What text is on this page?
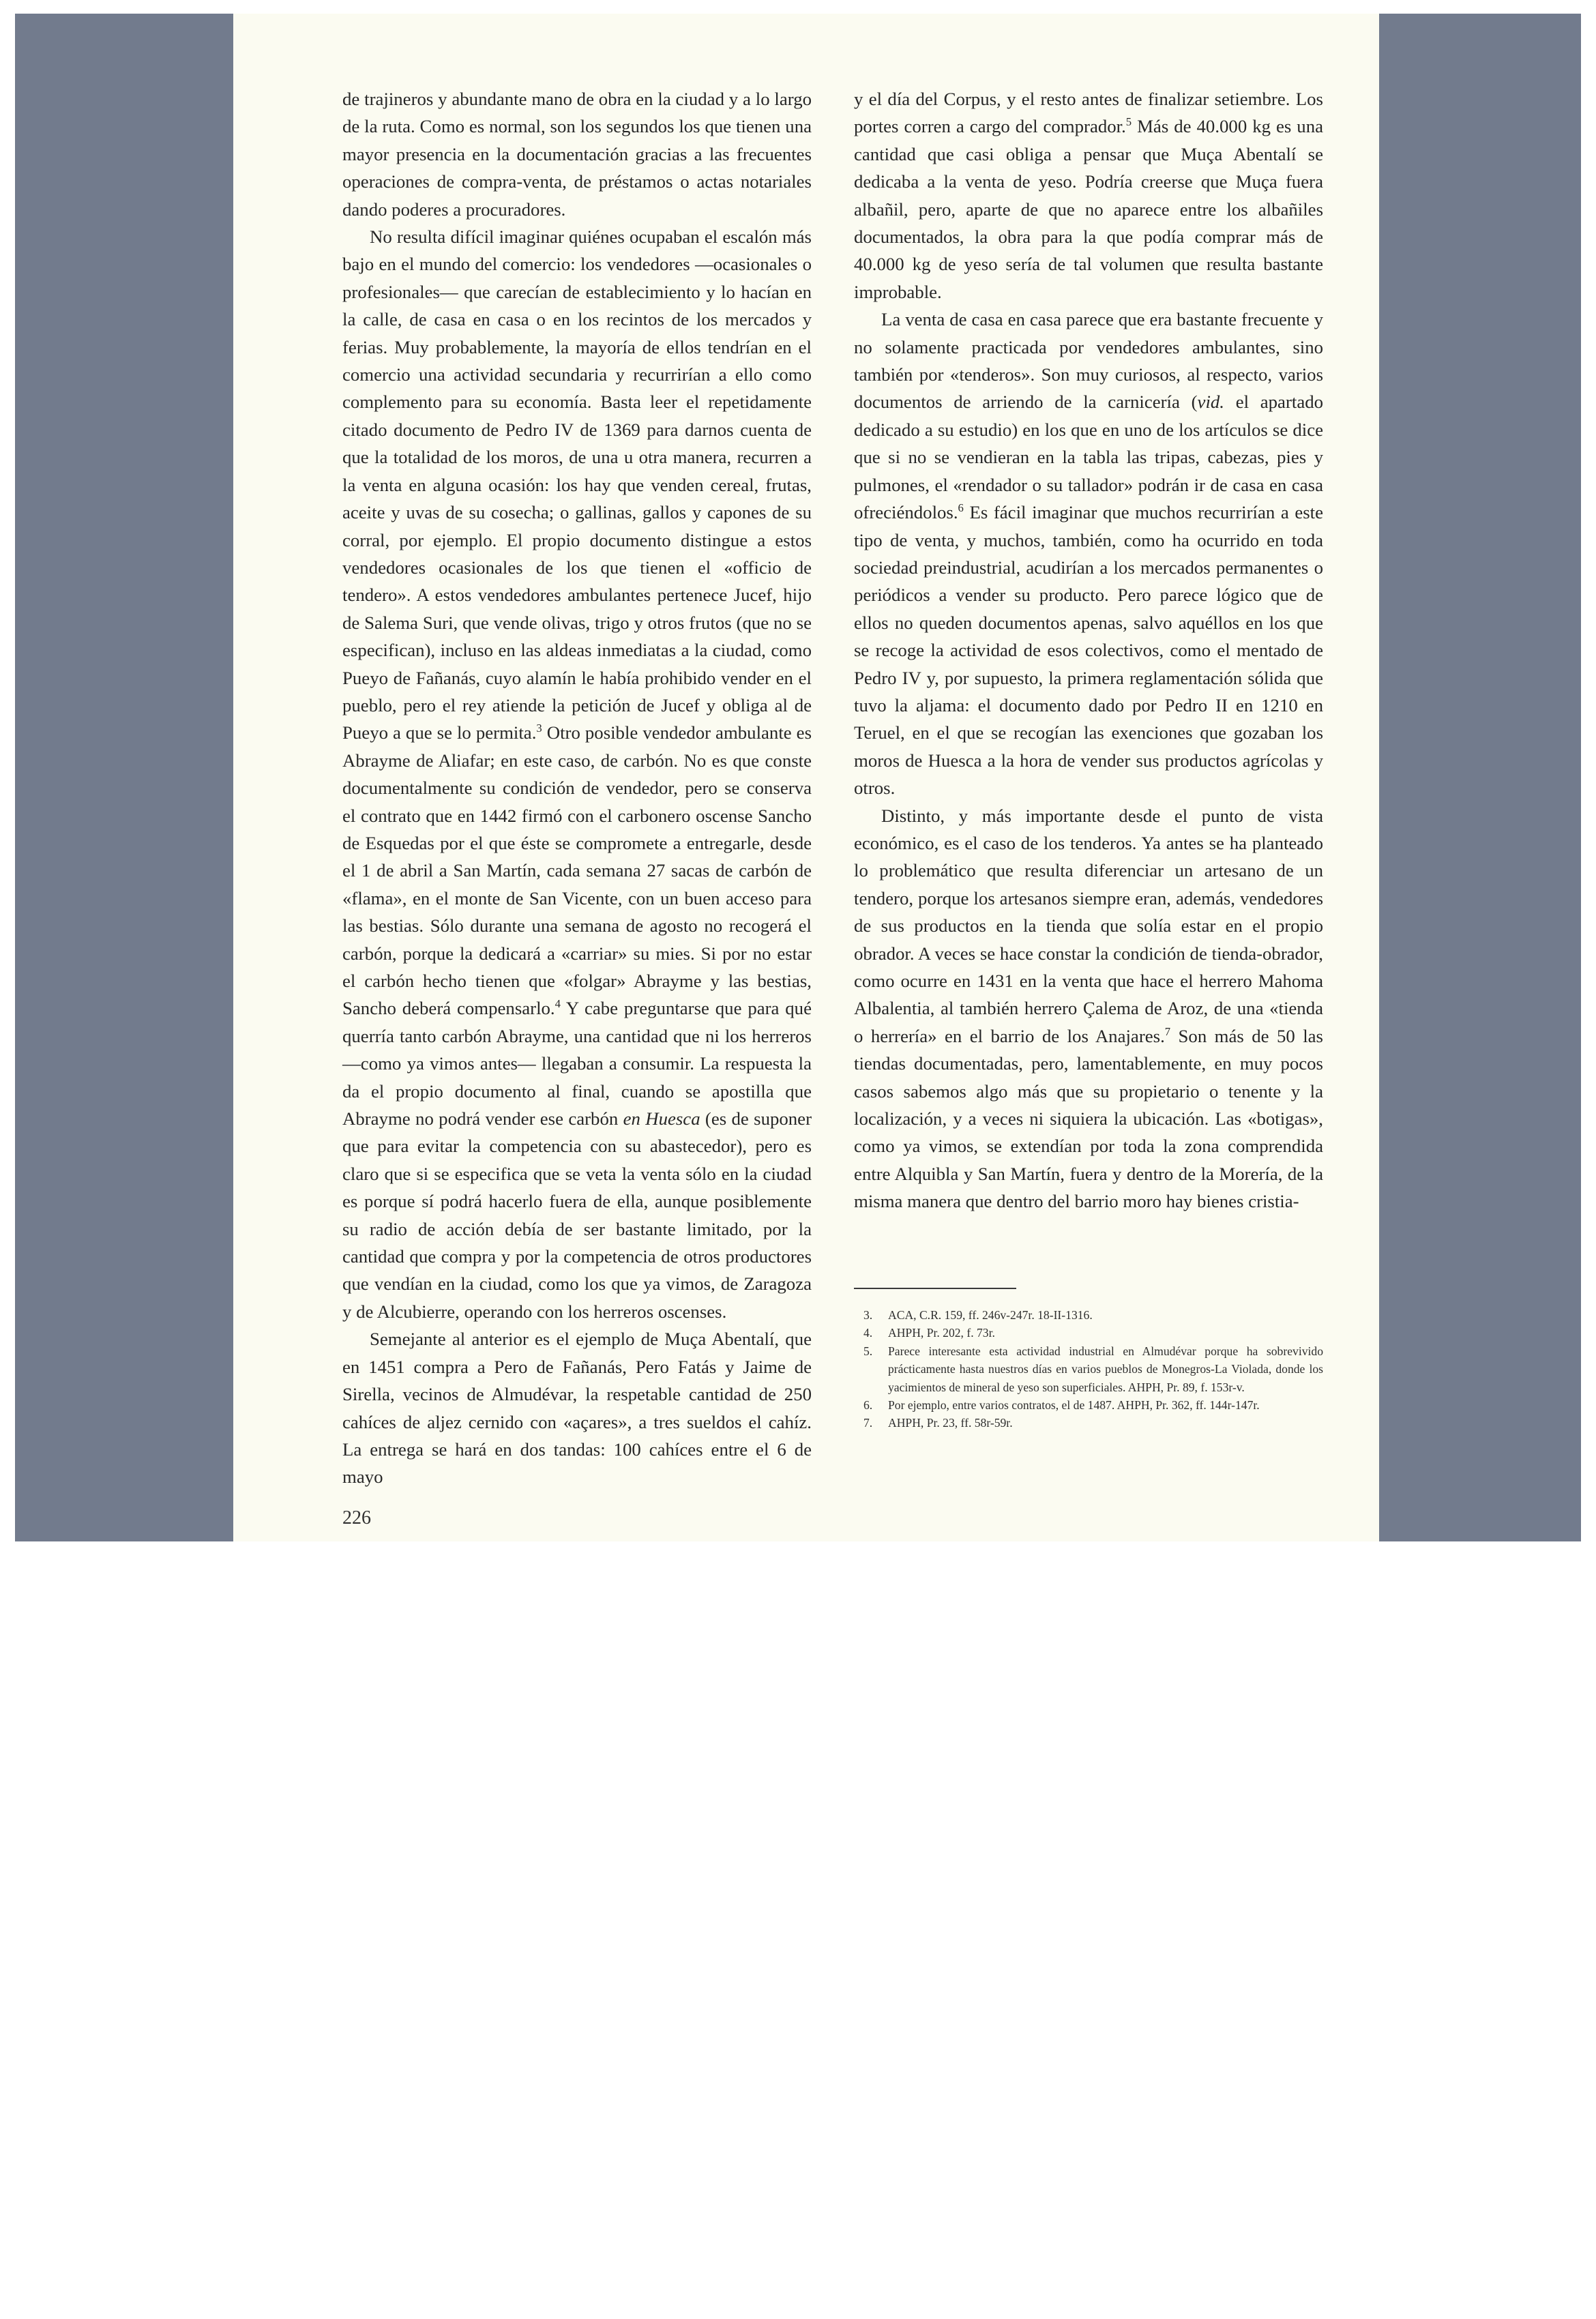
de trajineros y abundante mano de obra en la ciudad y a lo largo de la ruta. Como es normal, son los segundos los que tienen una mayor presencia en la documentación gracias a las frecuentes operaciones de compra-venta, de préstamos o actas notariales dando poderes a procuradores.

No resulta difícil imaginar quiénes ocupaban el escalón más bajo en el mundo del comercio: los vendedores —ocasionales o profesionales— que carecían de establecimiento y lo hacían en la calle, de casa en casa o en los recintos de los mercados y ferias. Muy probablemente, la mayoría de ellos tendrían en el comercio una actividad secundaria y recurrirían a ello como complemento para su economía. Basta leer el repetidamente citado documento de Pedro IV de 1369 para darnos cuenta de que la totalidad de los moros, de una u otra manera, recurren a la venta en alguna ocasión: los hay que venden cereal, frutas, aceite y uvas de su cosecha; o gallinas, gallos y capones de su corral, por ejemplo. El propio documento distingue a estos vendedores ocasionales de los que tienen el «officio de tendero». A estos vendedores ambulantes pertenece Jucef, hijo de Salema Suri, que vende olivas, trigo y otros frutos (que no se especifican), incluso en las aldeas inmediatas a la ciudad, como Pueyo de Fañanás, cuyo alamín le había prohibido vender en el pueblo, pero el rey atiende la petición de Jucef y obliga al de Pueyo a que se lo permita.$^3$ Otro posible vendedor ambulante es Abrayme de Aliafar; en este caso, de carbón. No es que conste documentalmente su condición de vendedor, pero se conserva el contrato que en 1442 firmó con el carbonero oscense Sancho de Esquedas por el que éste se compromete a entregarle, desde el 1 de abril a San Martín, cada semana 27 sacas de carbón de «flama», en el monte de San Vicente, con un buen acceso para las bestias. Sólo durante una semana de agosto no recogerá el carbón, porque la dedicará a «carriar» su mies. Si por no estar el carbón hecho tienen que «folgar» Abrayme y las bestias, Sancho deberá compensarlo.$^4$ Y cabe preguntarse que para qué querría tanto carbón Abrayme, una cantidad que ni los herreros —como ya vimos antes— llegaban a consumir. La respuesta la da el propio documento al final, cuando se apostilla que Abrayme no podrá vender ese carbón en Huesca (es de suponer que para evitar la competencia con su abastecedor), pero es claro que si se especifica que se veta la venta sólo en la ciudad es porque sí podrá hacerlo fuera de ella, aunque posiblemente su radio de acción debía de ser bastante limitado, por la cantidad que compra y por la competencia de otros productores que vendían en la ciudad, como los que ya vimos, de Zaragoza y de Alcubierre, operando con los herreros oscenses.

Semejante al anterior es el ejemplo de Muça Abentalí, que en 1451 compra a Pero de Fañanás, Pero Fatás y Jaime de Sirella, vecinos de Almudévar, la respetable cantidad de 250 cahíces de aljez cernido con «açares», a tres sueldos el cahíz. La entrega se hará en dos tandas: 100 cahíces entre el 6 de mayo

y el día del Corpus, y el resto antes de finalizar setiembre. Los portes corren a cargo del comprador.$^5$ Más de 40.000 kg es una cantidad que casi obliga a pensar que Muça Abentalí se dedicaba a la venta de yeso. Podría creerse que Muça fuera albañil, pero, aparte de que no aparece entre los albañiles documentados, la obra para la que podía comprar más de 40.000 kg de yeso sería de tal volumen que resulta bastante improbable.

La venta de casa en casa parece que era bastante frecuente y no solamente practicada por vendedores ambulantes, sino también por «tenderos». Son muy curiosos, al respecto, varios documentos de arriendo de la carnicería (vid. el apartado dedicado a su estudio) en los que en uno de los artículos se dice que si no se vendieran en la tabla las tripas, cabezas, pies y pulmones, el «rendador o su tallador» podrán ir de casa en casa ofreciéndolos.$^6$ Es fácil imaginar que muchos recurrirían a este tipo de venta, y muchos, también, como ha ocurrido en toda sociedad preindustrial, acudirían a los mercados permanentes o periódicos a vender su producto. Pero parece lógico que de ellos no queden documentos apenas, salvo aquéllos en los que se recoge la actividad de esos colectivos, como el mentado de Pedro IV y, por supuesto, la primera reglamentación sólida que tuvo la aljama: el documento dado por Pedro II en 1210 en Teruel, en el que se recogían las exenciones que gozaban los moros de Huesca a la hora de vender sus productos agrícolas y otros.

Distinto, y más importante desde el punto de vista económico, es el caso de los tenderos. Ya antes se ha planteado lo problemático que resulta diferenciar un artesano de un tendero, porque los artesanos siempre eran, además, vendedores de sus productos en la tienda que solía estar en el propio obrador. A veces se hace constar la condición de tienda-obrador, como ocurre en 1431 en la venta que hace el herrero Mahoma Albalentia, al también herrero Çalema de Aroz, de una «tienda o herrería» en el barrio de los Anajares.$^7$ Son más de 50 las tiendas documentadas, pero, lamentablemente, en muy pocos casos sabemos algo más que su propietario o tenente y la localización, y a veces ni siquiera la ubicación. Las «botigas», como ya vimos, se extendían por toda la zona comprendida entre Alquibla y San Martín, fuera y dentro de la Morería, de la misma manera que dentro del barrio moro hay bienes cristia-

3.	ACA, C.R. 159, ff. 246v-247r. 18-II-1316.
4.	AHPH, Pr. 202, f. 73r.
5.	Parece interesante esta actividad industrial en Almudévar porque ha sobrevivido prácticamente hasta nuestros días en varios pueblos de Monegros-La Violada, donde los yacimientos de mineral de yeso son superficiales. AHPH, Pr. 89, f. 153r-v.
6.	Por ejemplo, entre varios contratos, el de 1487. AHPH, Pr. 362, ff. 144r-147r.
7.	AHPH, Pr. 23, ff. 58r-59r.
226
